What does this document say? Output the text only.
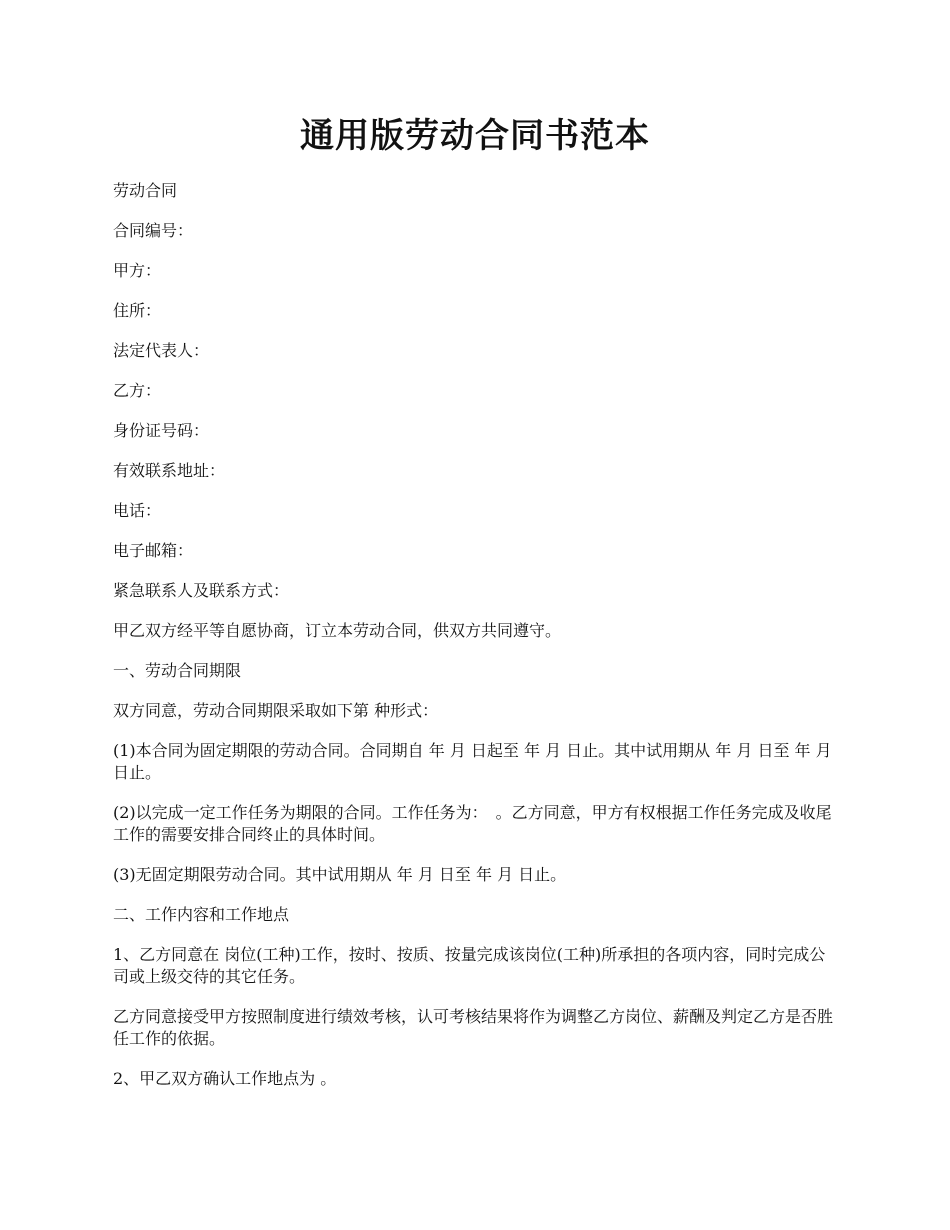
通用版劳动合同书范本

劳动合同

合同编号：

甲方：

住所：

法定代表人：

乙方：

身份证号码：

有效联系地址：

电话：

电子邮箱：

紧急联系人及联系方式：

甲乙双方经平等自愿协商，订立本劳动合同，供双方共同遵守。

一、劳动合同期限

双方同意，劳动合同期限采取如下第 种形式：

(1)本合同为固定期限的劳动合同。合同期自 年 月 日起至 年 月 日止。其中试用期从 年 月 日至 年 月 日止。

(2)以完成一定工作任务为期限的合同。工作任务为：　。乙方同意，甲方有权根据工作任务完成及收尾工作的需要安排合同终止的具体时间。

(3)无固定期限劳动合同。其中试用期从 年 月 日至 年 月 日止。

二、工作内容和工作地点

1、乙方同意在 岗位(工种)工作，按时、按质、按量完成该岗位(工种)所承担的各项内容，同时完成公司或上级交待的其它任务。

乙方同意接受甲方按照制度进行绩效考核，认可考核结果将作为调整乙方岗位、薪酬及判定乙方是否胜任工作的依据。

2、甲乙双方确认工作地点为 。
